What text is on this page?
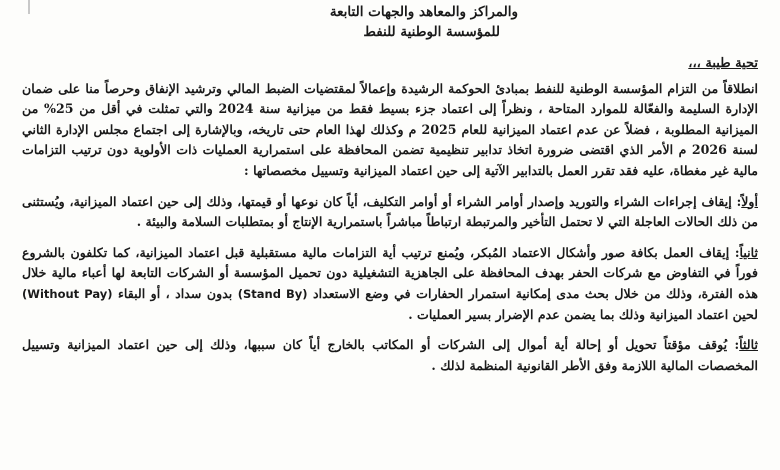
والمراكز والمعاهد والجهات التابعة
للمؤسسة الوطنية للنفط
تحية طيبة ،،،

انطلاقاً من التزام المؤسسة الوطنية للنفط بمبادئ الحوكمة الرشيدة وإعمالاً لمقتضيات الضبط المالي وترشيد الإنفاق وحرصاً منا على ضمان الإدارة السليمة والفعّالة للموارد المتاحة ، ونظراً إلى اعتماد جزء بسيط فقط من ميزانية سنة 2024 والتي تمثلت في أقل من 25% من الميزانية المطلوبة ، فضلاً عن عدم اعتماد الميزانية للعام 2025 م وكذلك لهذا العام حتى تاريخه، وبالإشارة إلى اجتماع مجلس الإدارة الثاني لسنة 2026 م الأمر الذي اقتضى ضرورة اتخاذ تدابير تنظيمية تضمن المحافظة على استمرارية العمليات ذات الأولوية دون ترتيب التزامات مالية غير مغطاة، عليه فقد تقرر العمل بالتدابير الآتية إلى حين اعتماد الميزانية وتسييل مخصصاتها :

أولاً: إيقاف إجراءات الشراء والتوريد وإصدار أوامر الشراء أو أوامر التكليف، أياً كان نوعها أو قيمتها، وذلك إلى حين اعتماد الميزانية، ويُستثنى من ذلك الحالات العاجلة التي لا تحتمل التأخير والمرتبطة ارتباطاً مباشراً باستمرارية الإنتاج أو بمتطلبات السلامة والبيئة .

ثانياً: إيقاف العمل بكافة صور وأشكال الاعتماد المُبكر، ويُمنع ترتيب أية التزامات مالية مستقبلية قبل اعتماد الميزانية، كما تكلفون بالشروع فوراً في التفاوض مع شركات الحفر بهدف المحافظة على الجاهزية التشغيلية دون تحميل المؤسسة أو الشركات التابعة لها أعباء مالية خلال هذه الفترة، وذلك من خلال بحث مدى إمكانية استمرار الحفارات في وضع الاستعداد (Stand By) بدون سداد ، أو البقاء (Without Pay) لحين اعتماد الميزانية وذلك بما يضمن عدم الإضرار بسير العمليات .

ثالثاً: يُوقف مؤقتاً تحويل أو إحالة أية أموال إلى الشركات أو المكاتب بالخارج أياً كان سببها، وذلك إلى حين اعتماد الميزانية وتسييل المخصصات المالية اللازمة وفق الأطر القانونية المنظمة لذلك .
